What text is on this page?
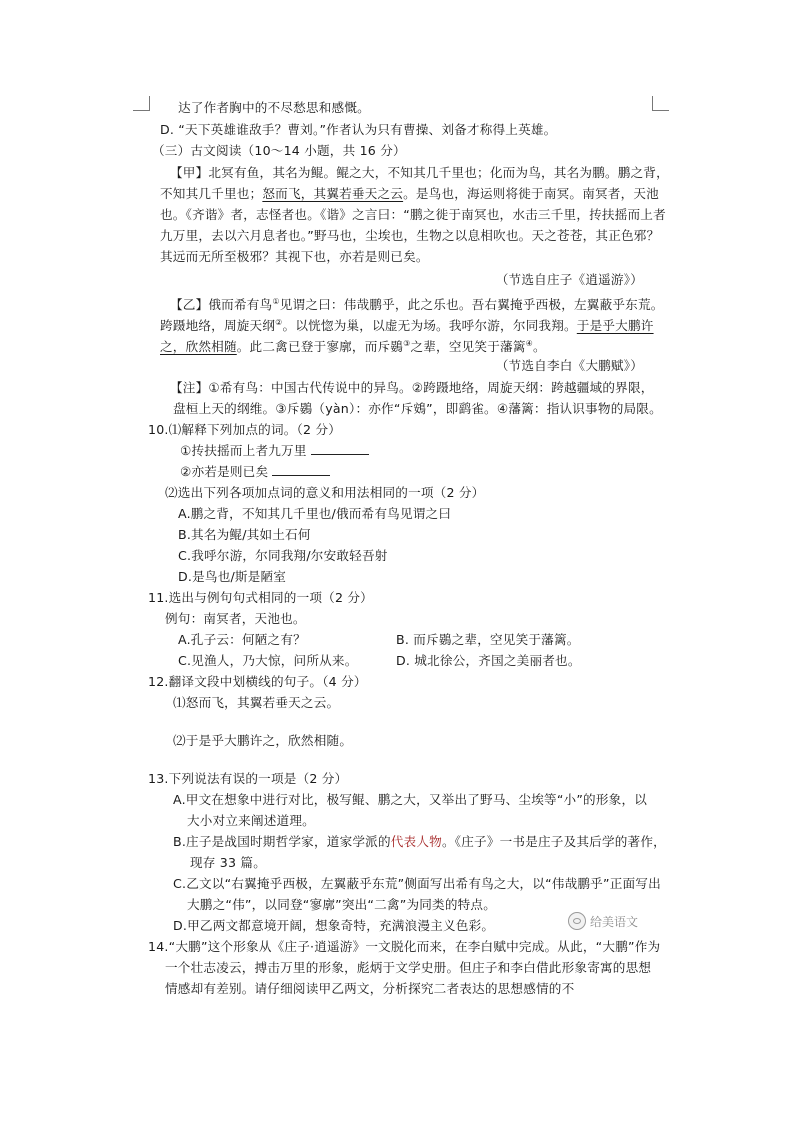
达了作者胸中的不尽愁思和感慨。
D. “天下英雄谁敌手？曹刘。”作者认为只有曹操、刘备才称得上英雄。
（三）古文阅读（10～14 小题，共 16 分）
【甲】北冥有鱼，其名为鲲。鲲之大，不知其几千里也；化而为鸟，其名为鹏。鹏之背，
不知其几千里也；怒而飞，其翼若垂天之云。是鸟也，海运则将徙于南冥。南冥者，天池
也。《齐谐》者，志怪者也。《谐》之言曰：“鹏之徙于南冥也，水击三千里，抟扶摇而上者
九万里，去以六月息者也。”野马也，尘埃也，生物之以息相吹也。天之苍苍，其正色邪？
其远而无所至极邪？其视下也，亦若是则已矣。
（节选自庄子《逍遥游》）
【乙】俄而希有鸟①见谓之曰：伟哉鹏乎，此之乐也。吾右翼掩乎西极，左翼蔽乎东荒。
跨蹑地络，周旋天纲②。以恍惚为巢，以虚无为场。我呼尔游，尔同我翔。于是乎大鹏许
之，欣然相随。此二禽已登于寥廓，而斥鷃③之辈，空见笑于藩篱④。
（节选自李白《大鹏赋》）
【注】①希有鸟：中国古代传说中的异鸟。②跨蹑地络，周旋天纲：跨越疆域的界限，
盘桓上天的纲维。③斥鷃（yàn）：亦作“斥鴳”，即鹞雀。④藩篱：指认识事物的局限。
10.⑴解释下列加点的词。（2 分）
①抟扶摇而上者九万里
②亦若是则已矣
⑵选出下列各项加点词的意义和用法相同的一项（2 分）
A.鹏之背，不知其几千里也/俄而希有鸟见谓之曰
B.其名为鲲/其如土石何
C.我呼尔游，尔同我翔/尔安敢轻吾射
D.是鸟也/斯是陋室
11.选出与例句句式相同的一项（2 分）
例句：南冥者，天池也。
A.孔子云：何陋之有？	B. 而斥鷃之辈，空见笑于藩篱。
C.见渔人，乃大惊，问所从来。	D. 城北徐公，齐国之美丽者也。
12.翻译文段中划横线的句子。（4 分）
⑴怒而飞，其翼若垂天之云。
⑵于是乎大鹏许之，欣然相随。
13.下列说法有误的一项是（2 分）
A.甲文在想象中进行对比，极写鲲、鹏之大，又举出了野马、尘埃等“小”的形象，以
大小对立来阐述道理。
B.庄子是战国时期哲学家，道家学派的代表人物。《庄子》一书是庄子及其后学的著作，
现存 33 篇。
C.乙文以“右翼掩乎西极，左翼蔽乎东荒”侧面写出希有鸟之大，以“伟哉鹏乎”正面写出
大鹏之“伟”，以同登“寥廓”突出“二禽”为同类的特点。
D.甲乙两文都意境开阔，想象奇特，充满浪漫主义色彩。
14.“大鹏”这个形象从《庄子·逍遥游》一文脱化而来，在李白赋中完成。从此，“大鹏”作为
一个壮志凌云，搏击万里的形象，彪炳于文学史册。但庄子和李白借此形象寄寓的思想
情感却有差别。请仔细阅读甲乙两文，分析探究二者表达的思想感情的不
给美语文
